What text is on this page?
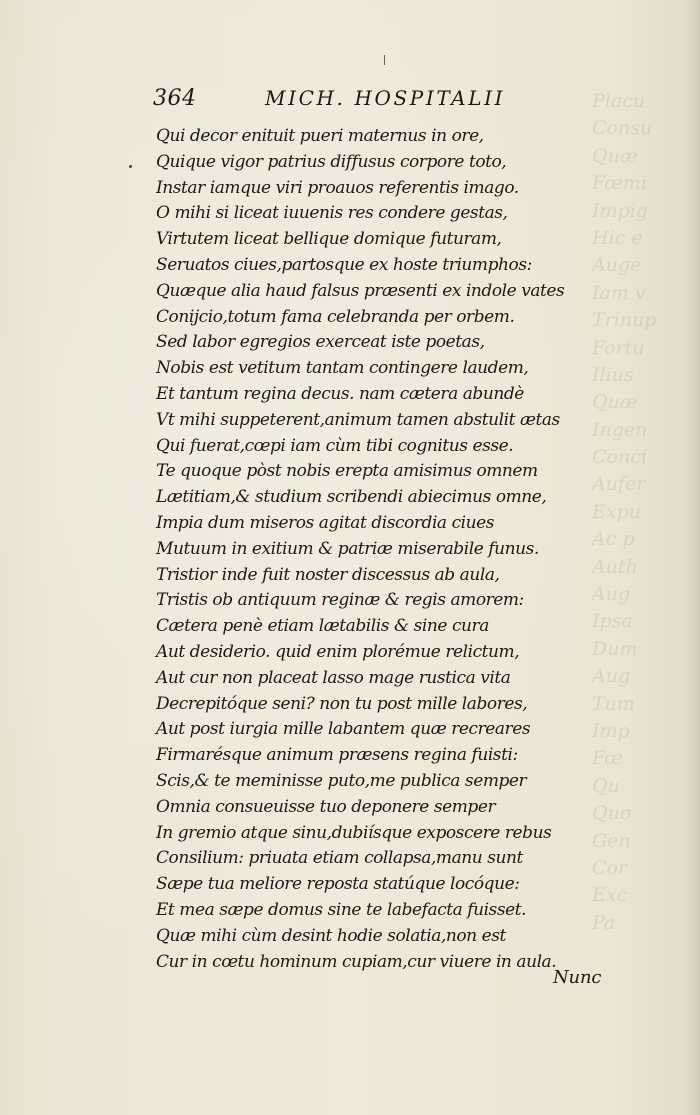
Placu
Consu
Quæ
Fœmi
Impig
Hic e
Auge
Iam v
Trinup
Fortu
Ilius
Quæ
Ingen
Conci
Aufer
Expu
Ac p
Auth
Aug
Ipsa
Dum
Aug
Tum
Imp
Fœ
Qu
Quo
Gen
Cor
Exc
Pa
364	MICH. HOSPITALII
Qui decor enituit pueri maternus in ore,
Quique vigor patrius diffusus corpore toto,
Instar iamque viri proauos referentis imago.
O mihi si liceat iuuenis res condere gestas,
Virtutem liceat bellique domique futuram,
Seruatos ciues,partosque ex hoste triumphos:
Quæque alia haud falsus præsenti ex indole vates
Conijcio,totum fama celebranda per orbem.
Sed labor egregios exerceat iste poetas,
Nobis est vetitum tantam contingere laudem,
Et tantum regina decus. nam cætera abundè
Vt mihi suppeterent,animum tamen abstulit ætas
Qui fuerat,cœpi iam cùm tibi cognitus esse.
Te quoque pòst nobis erepta amisimus omnem
Lætitiam,& studium scribendi abiecimus omne,
Impia dum miseros agitat discordia ciues
Mutuum in exitium & patriæ miserabile funus.
Tristior inde fuit noster discessus ab aula,
Tristis ob antiquum reginæ & regis amorem:
Cætera penè etiam lætabilis & sine cura
Aut desiderio. quid enim plorémue relictum,
Aut cur non placeat lasso mage rustica vita
Decrepitóque seni? non tu post mille labores,
Aut post iurgia mille labantem quæ recreares
Firmarésque animum præsens regina fuisti:
Scis,& te meminisse puto,me publica semper
Omnia consueuisse tuo deponere semper
In gremio atque sinu,dubiísque exposcere rebus
Consilium: priuata etiam collapsa,manu sunt
Sæpe tua meliore reposta statúque locóque:
Et mea sæpe domus sine te labefacta fuisset.
Quæ mihi cùm desint hodie solatia,non est
Cur in cœtu hominum cupiam,cur viuere in aula.
Nunc
